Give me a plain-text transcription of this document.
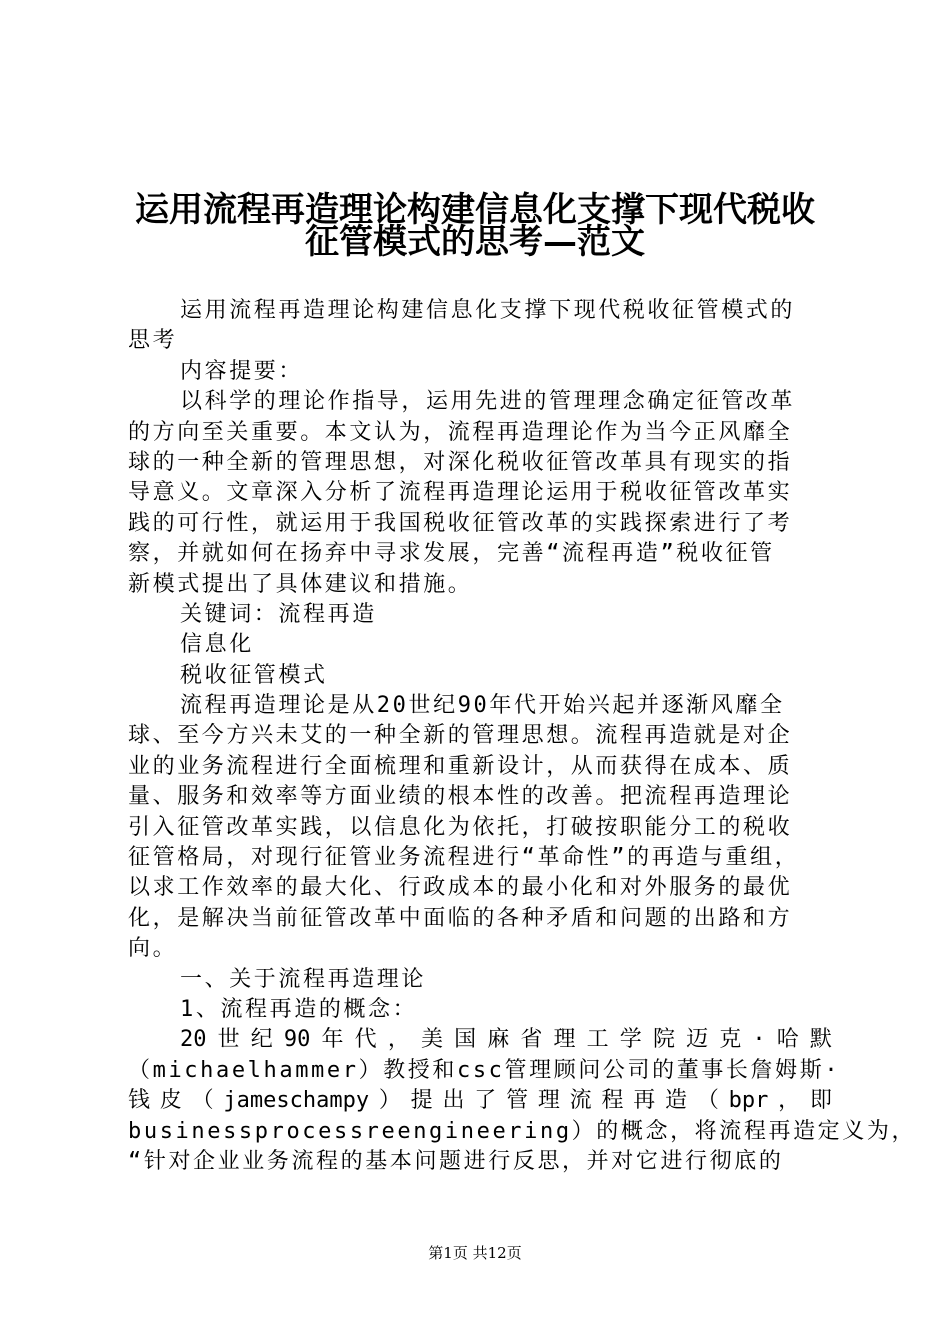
运用流程再造理论构建信息化支撑下现代税收
征管模式的思考—范文
运用流程再造理论构建信息化支撑下现代税收征管模式的
思考
内容提要：
以科学的理论作指导，运用先进的管理理念确定征管改革
的方向至关重要。本文认为，流程再造理论作为当今正风靡全
球的一种全新的管理思想，对深化税收征管改革具有现实的指
导意义。文章深入分析了流程再造理论运用于税收征管改革实
践的可行性，就运用于我国税收征管改革的实践探索进行了考
察，并就如何在扬弃中寻求发展，完善“流程再造”税收征管
新模式提出了具体建议和措施。
关键词：流程再造
信息化
税收征管模式
流程再造理论是从20世纪90年代开始兴起并逐渐风靡全
球、至今方兴未艾的一种全新的管理思想。流程再造就是对企
业的业务流程进行全面梳理和重新设计，从而获得在成本、质
量、服务和效率等方面业绩的根本性的改善。把流程再造理论
引入征管改革实践，以信息化为依托，打破按职能分工的税收
征管格局，对现行征管业务流程进行“革命性”的再造与重组，
以求工作效率的最大化、行政成本的最小化和对外服务的最优
化，是解决当前征管改革中面临的各种矛盾和问题的出路和方
向。
一、关于流程再造理论
1、流程再造的概念：
20 世 纪 90 年 代 ， 美 国 麻 省 理 工 学 院 迈 克 · 哈 默
（michaelhammer）教授和csc管理顾问公司的董事长詹姆斯·
钱 皮 （ jameschampy ） 提 出 了 管 理 流 程 再 造 （ bpr ， 即
businessprocessreengineering）的概念，将流程再造定义为，
“针对企业业务流程的基本问题进行反思，并对它进行彻底的
第1页 共12页
